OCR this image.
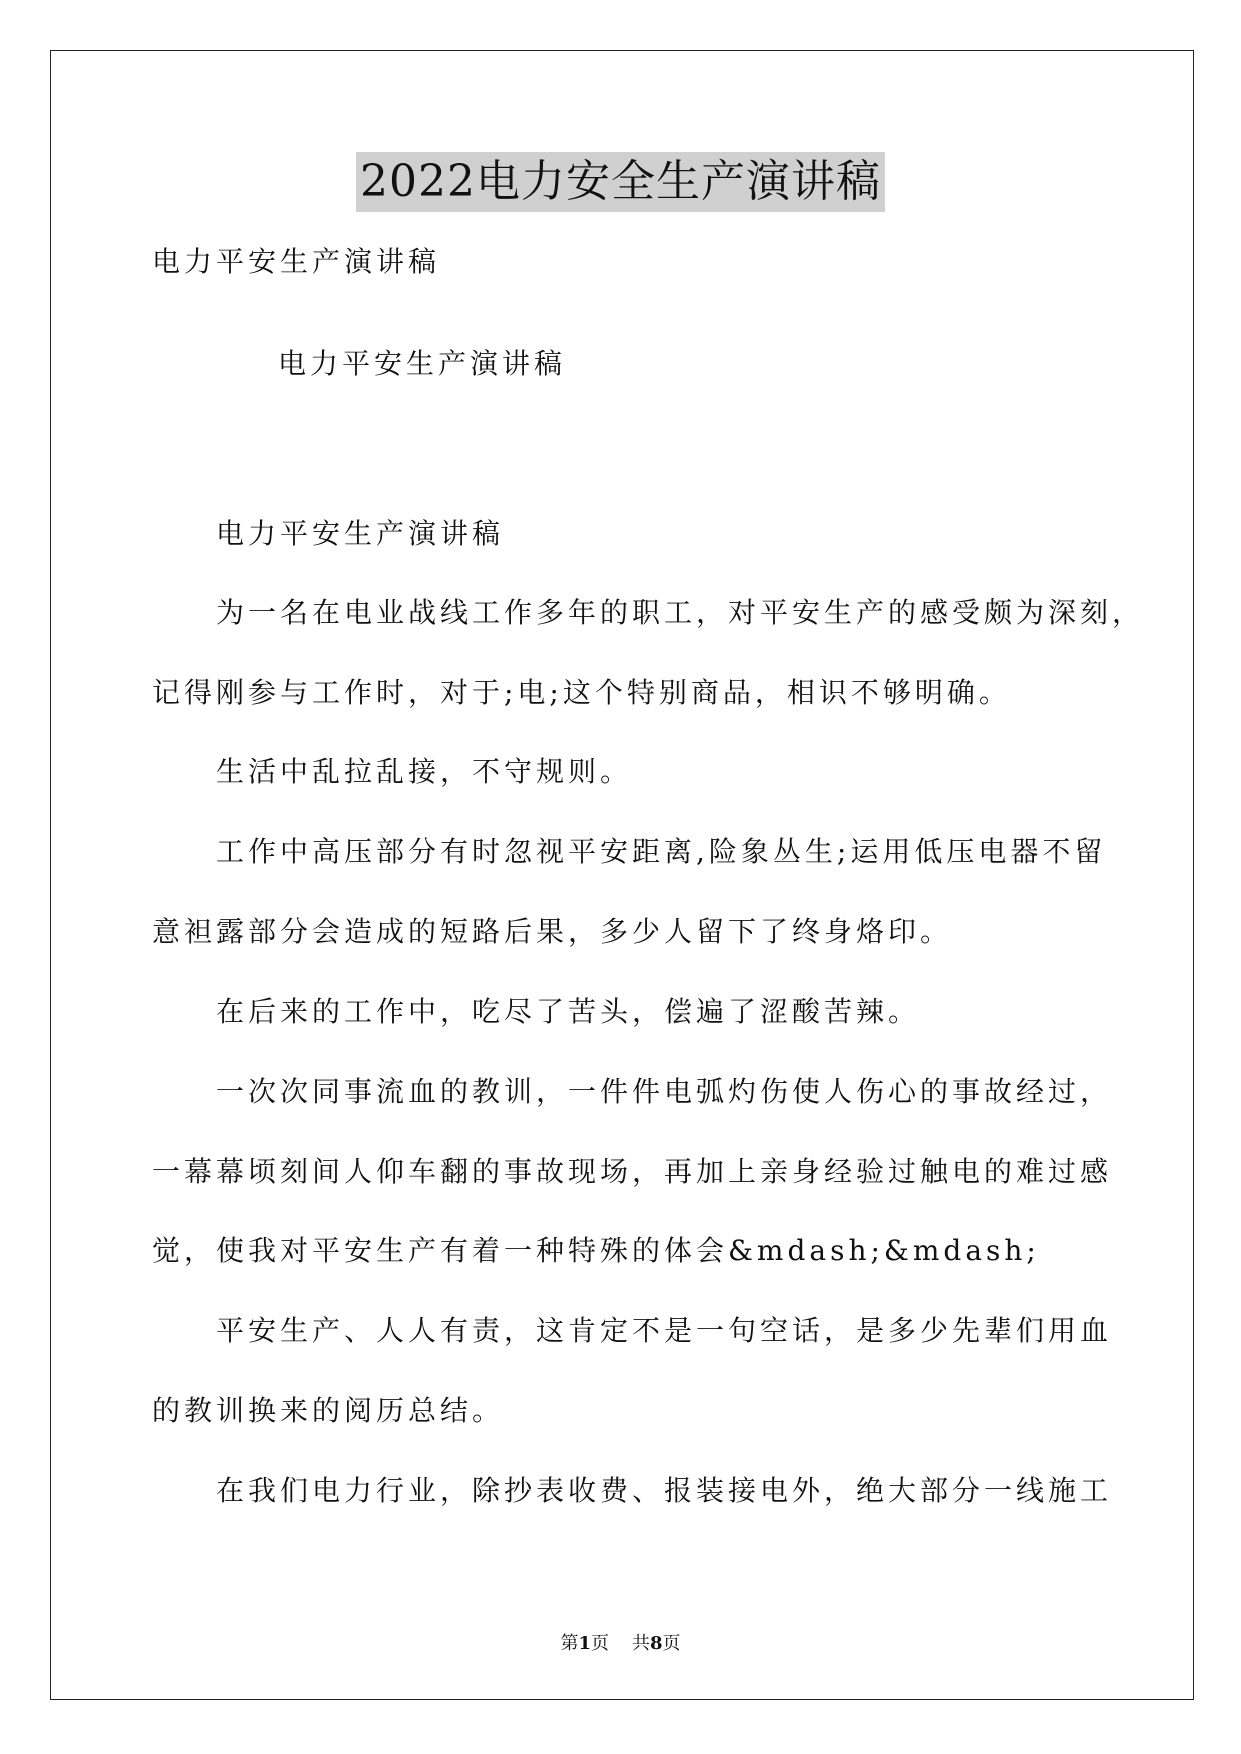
2022电力安全生产演讲稿

电力平安生产演讲稿

电力平安生产演讲稿

电力平安生产演讲稿

为一名在电业战线工作多年的职工，对平安生产的感受颇为深刻，

记得刚参与工作时，对于;电;这个特别商品，相识不够明确。

生活中乱拉乱接，不守规则。

工作中高压部分有时忽视平安距离,险象丛生;运用低压电器不留

意袒露部分会造成的短路后果，多少人留下了终身烙印。

在后来的工作中，吃尽了苦头，偿遍了涩酸苦辣。

一次次同事流血的教训，一件件电弧灼伤使人伤心的事故经过，

一幕幕顷刻间人仰车翻的事故现场，再加上亲身经验过触电的难过感

觉，使我对平安生产有着一种特殊的体会&mdash;&mdash;

平安生产、人人有责，这肯定不是一句空话，是多少先辈们用血

的教训换来的阅历总结。

在我们电力行业，除抄表收费、报装接电外，绝大部分一线施工

第1页 共8页
